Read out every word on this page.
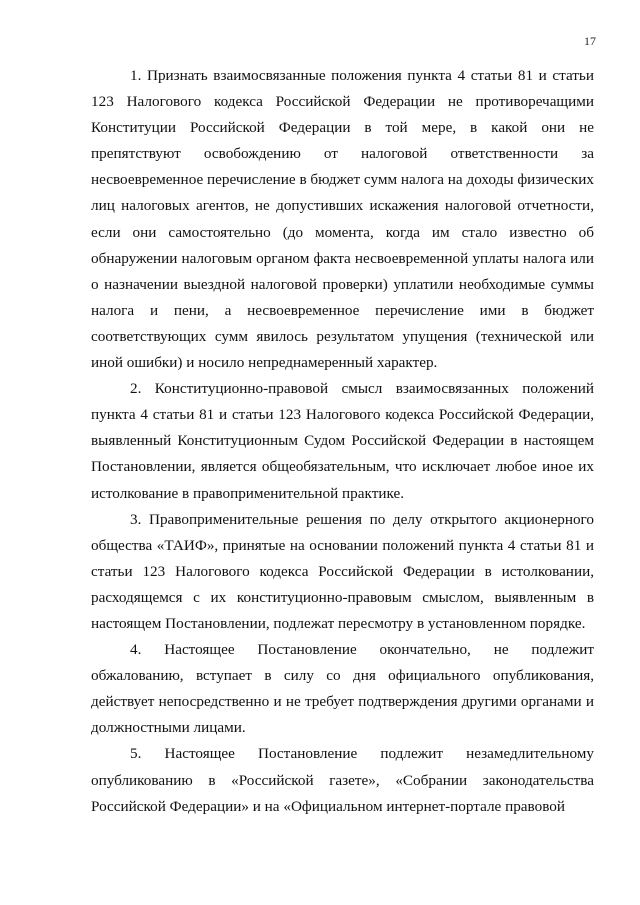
17

1. Признать взаимосвязанные положения пункта 4 статьи 81 и статьи 123 Налогового кодекса Российской Федерации не противоречащими Конституции Российской Федерации в той мере, в какой они не препятствуют освобождению от налоговой ответственности за несвоевременное перечисление в бюджет сумм налога на доходы физических лиц налоговых агентов, не допустивших искажения налоговой отчетности, если они самостоятельно (до момента, когда им стало известно об обнаружении налоговым органом факта несвоевременной уплаты налога или о назначении выездной налоговой проверки) уплатили необходимые суммы налога и пени, а несвоевременное перечисление ими в бюджет соответствующих сумм явилось результатом упущения (технической или иной ошибки) и носило непреднамеренный характер.

2. Конституционно-правовой смысл взаимосвязанных положений пункта 4 статьи 81 и статьи 123 Налогового кодекса Российской Федерации, выявленный Конституционным Судом Российской Федерации в настоящем Постановлении, является общеобязательным, что исключает любое иное их истолкование в правоприменительной практике.

3. Правоприменительные решения по делу открытого акционерного общества «ТАИФ», принятые на основании положений пункта 4 статьи 81 и статьи 123 Налогового кодекса Российской Федерации в истолковании, расходящемся с их конституционно-правовым смыслом, выявленным в настоящем Постановлении, подлежат пересмотру в установленном порядке.

4. Настоящее Постановление окончательно, не подлежит обжалованию, вступает в силу со дня официального опубликования, действует непосредственно и не требует подтверждения другими органами и должностными лицами.

5. Настоящее Постановление подлежит незамедлительному опубликованию в «Российской газете», «Собрании законодательства Российской Федерации» и на «Официальном интернет-портале правовой
